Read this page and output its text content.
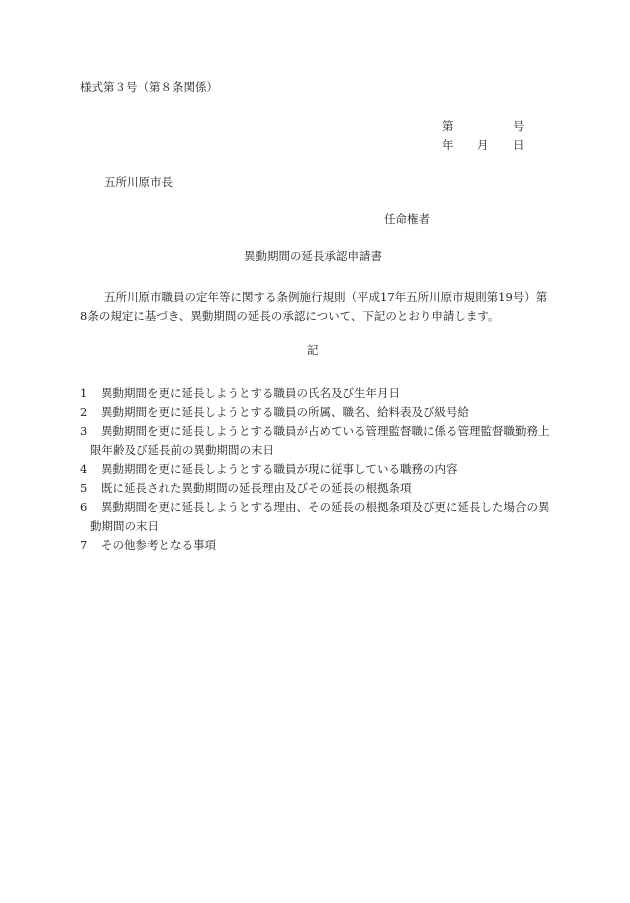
様式第３号（第８条関係）
第	号
年 月 日
五所川原市長
任命権者
異動期間の延長承認申請書
五所川原市職員の定年等に関する条例施行規則（平成17年五所川原市規則第19号）第8条の規定に基づき、異動期間の延長の承認について、下記のとおり申請します。
記
1 異動期間を更に延長しようとする職員の氏名及び生年月日
2 異動期間を更に延長しようとする職員の所属、職名、給料表及び級号給
3 異動期間を更に延長しようとする職員が占めている管理監督職に係る管理監督職勤務上限年齢及び延長前の異動期間の末日
4 異動期間を更に延長しようとする職員が現に従事している職務の内容
5 既に延長された異動期間の延長理由及びその延長の根拠条項
6 異動期間を更に延長しようとする理由、その延長の根拠条項及び更に延長した場合の異動期間の末日
7 その他参考となる事項
